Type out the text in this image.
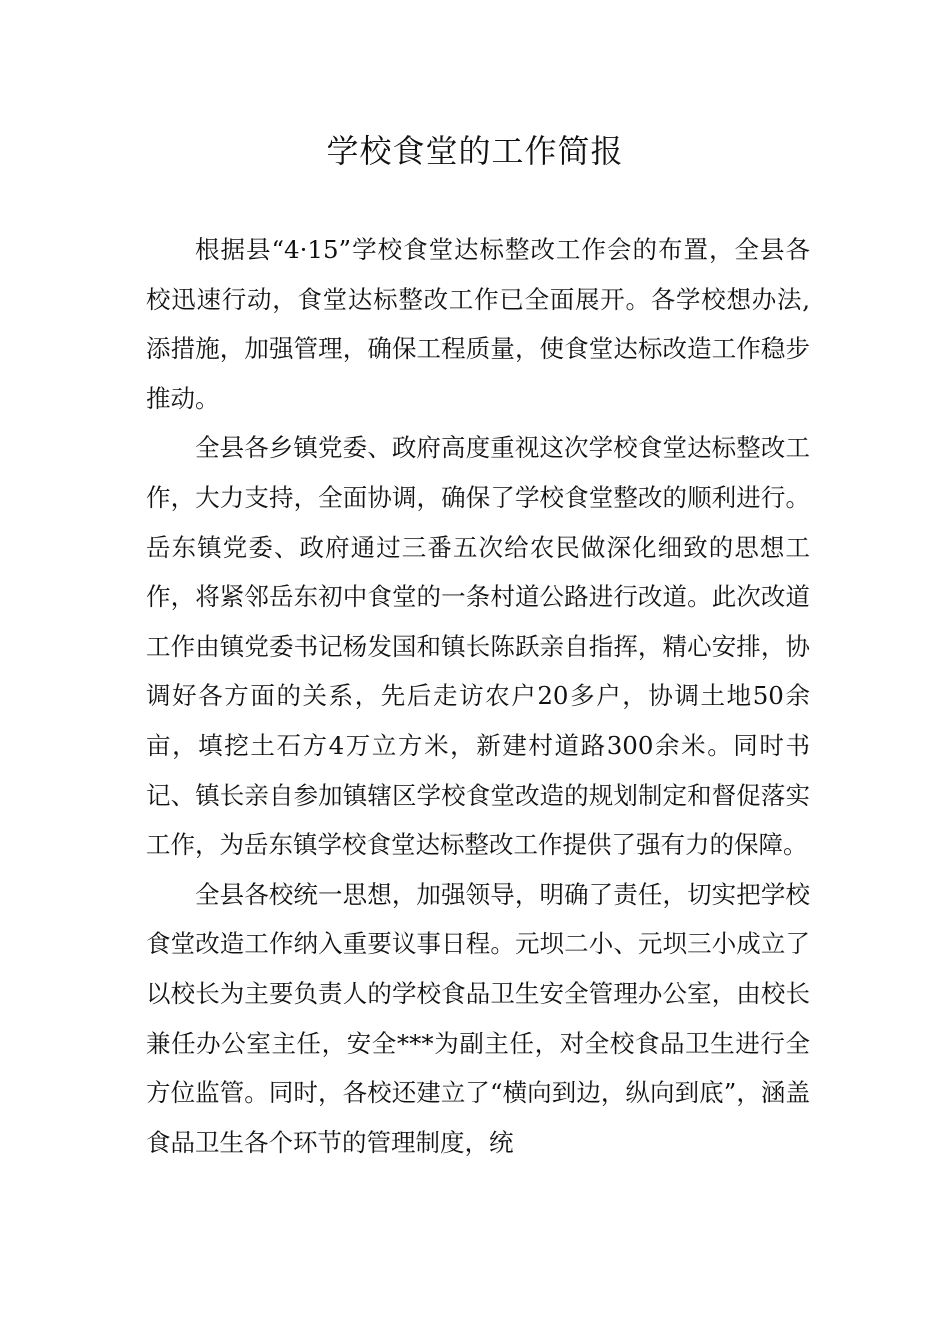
学校食堂的工作简报

根据县“4·15”学校食堂达标整改工作会的布置，全县各校迅速行动，食堂达标整改工作已全面展开。各学校想办法,添措施，加强管理，确保工程质量，使食堂达标改造工作稳步推动。

全县各乡镇党委、政府高度重视这次学校食堂达标整改工作，大力支持，全面协调，确保了学校食堂整改的顺利进行。岳东镇党委、政府通过三番五次给农民做深化细致的思想工作，将紧邻岳东初中食堂的一条村道公路进行改道。此次改道工作由镇党委书记杨发国和镇长陈跃亲自指挥，精心安排，协调好各方面的关系，先后走访农户20多户，协调土地50余亩，填挖土石方4万立方米，新建村道路300余米。同时书记、镇长亲自参加镇辖区学校食堂改造的规划制定和督促落实工作，为岳东镇学校食堂达标整改工作提供了强有力的保障。

全县各校统一思想，加强领导，明确了责任，切实把学校食堂改造工作纳入重要议事日程。元坝二小、元坝三小成立了以校长为主要负责人的学校食品卫生安全管理办公室，由校长兼任办公室主任，安全***为副主任，对全校食品卫生进行全方位监管。同时，各校还建立了“横向到边，纵向到底”，涵盖食品卫生各个环节的管理制度，统
